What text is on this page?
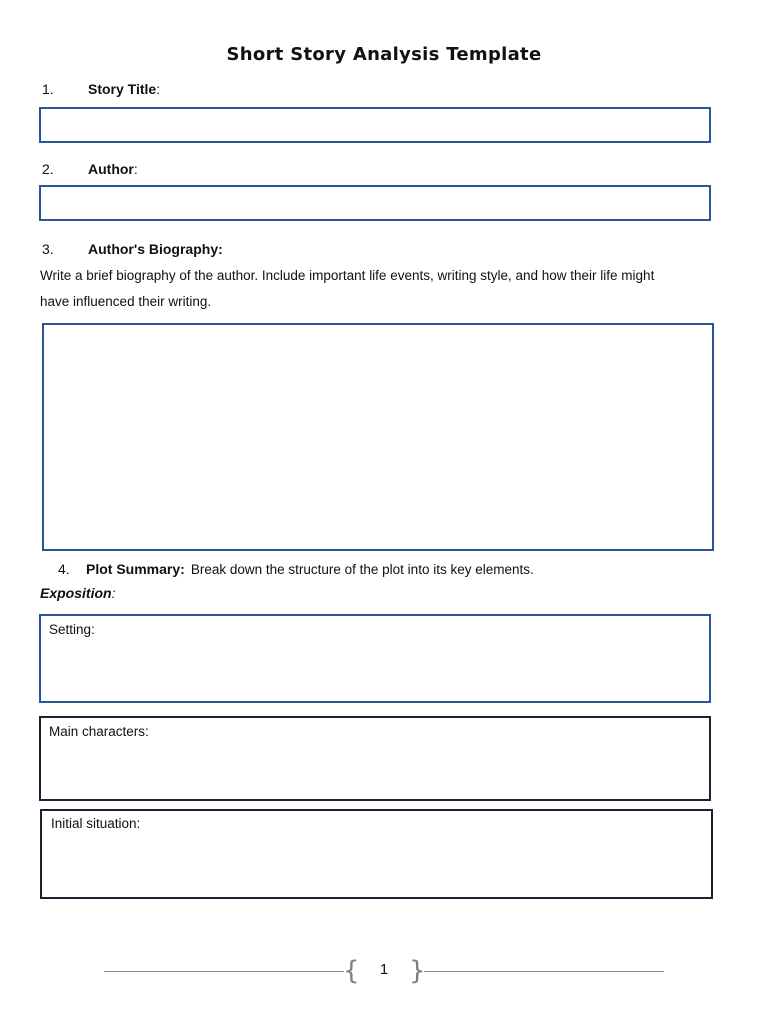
Short Story Analysis Template
1. Story Title:
2. Author:
3. Author's Biography:
Write a brief biography of the author. Include important life events, writing style, and how their life might
have influenced their writing.
4. Plot Summary: Break down the structure of the plot into its key elements.
Exposition:
Setting:
Main characters:
Initial situation:
{	1 }
